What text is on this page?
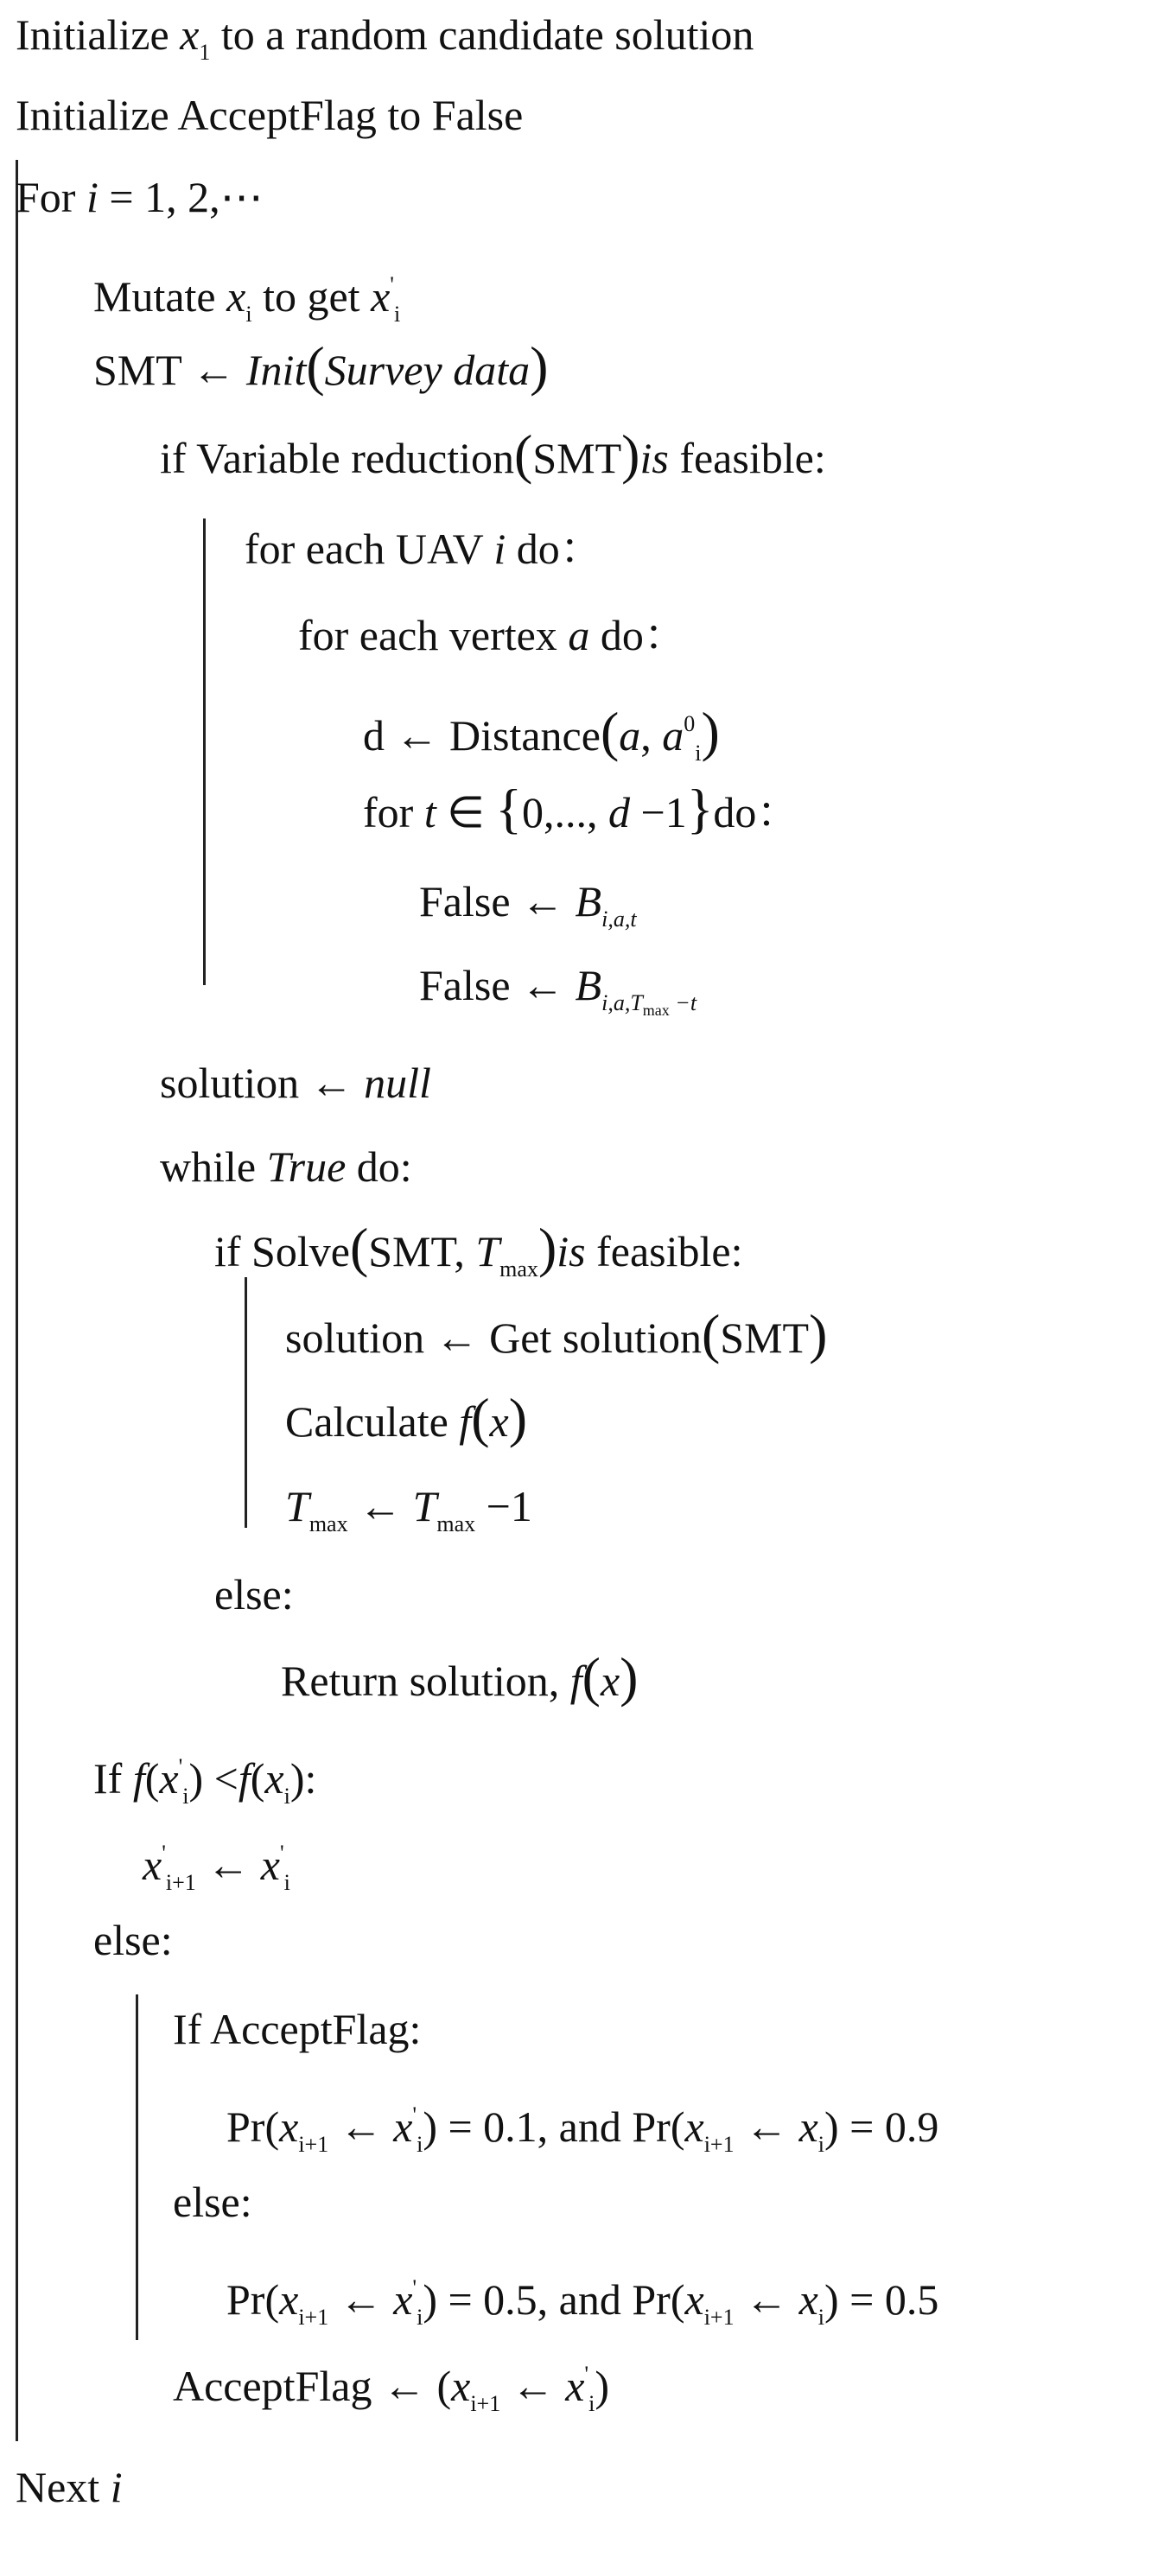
Initialize $x_1$ to a random candidate solution
Initialize AcceptFlag to False
For i = 1, 2,⋯
Mutate $x_i$ to get $x'_i$
SMT ← Init(Survey data)
if Variable reduction(SMT)is feasible:
for each UAV i do：
for each vertex a do：
d ← Distance(a, $a^0_i$)
for t ∈ {0,..., d −1}do：
False ← $B_{i,a,t}$
False ← $B_{i,a,T_{max} -t}$
solution ← null
while True do:
if Solve(SMT, $T_{max})is$ feasible:
solution ← Get solution(SMT)
Calculate f(x)
$T_{max}$ ← $T_{max} -1$
else:
Return solution, f(x)
If $f(x'_i) <f(x_i)$:
$x'_{i+1}$ ← $x'_i$
else:
If AcceptFlag:
$Pr(x_{i+1}$ ← $x'_i) = 0.1$, and $Pr(x_{i+1}$ ← $x_i) = 0.9$
else:
$Pr(x_{i+1}$ ← $x'_i) = 0.5$, and $Pr(x_{i+1}$ ← $x_i) = 0.5$
AcceptFlag ← ($x_{i+1}$ ← $x'_i$)
Next i
